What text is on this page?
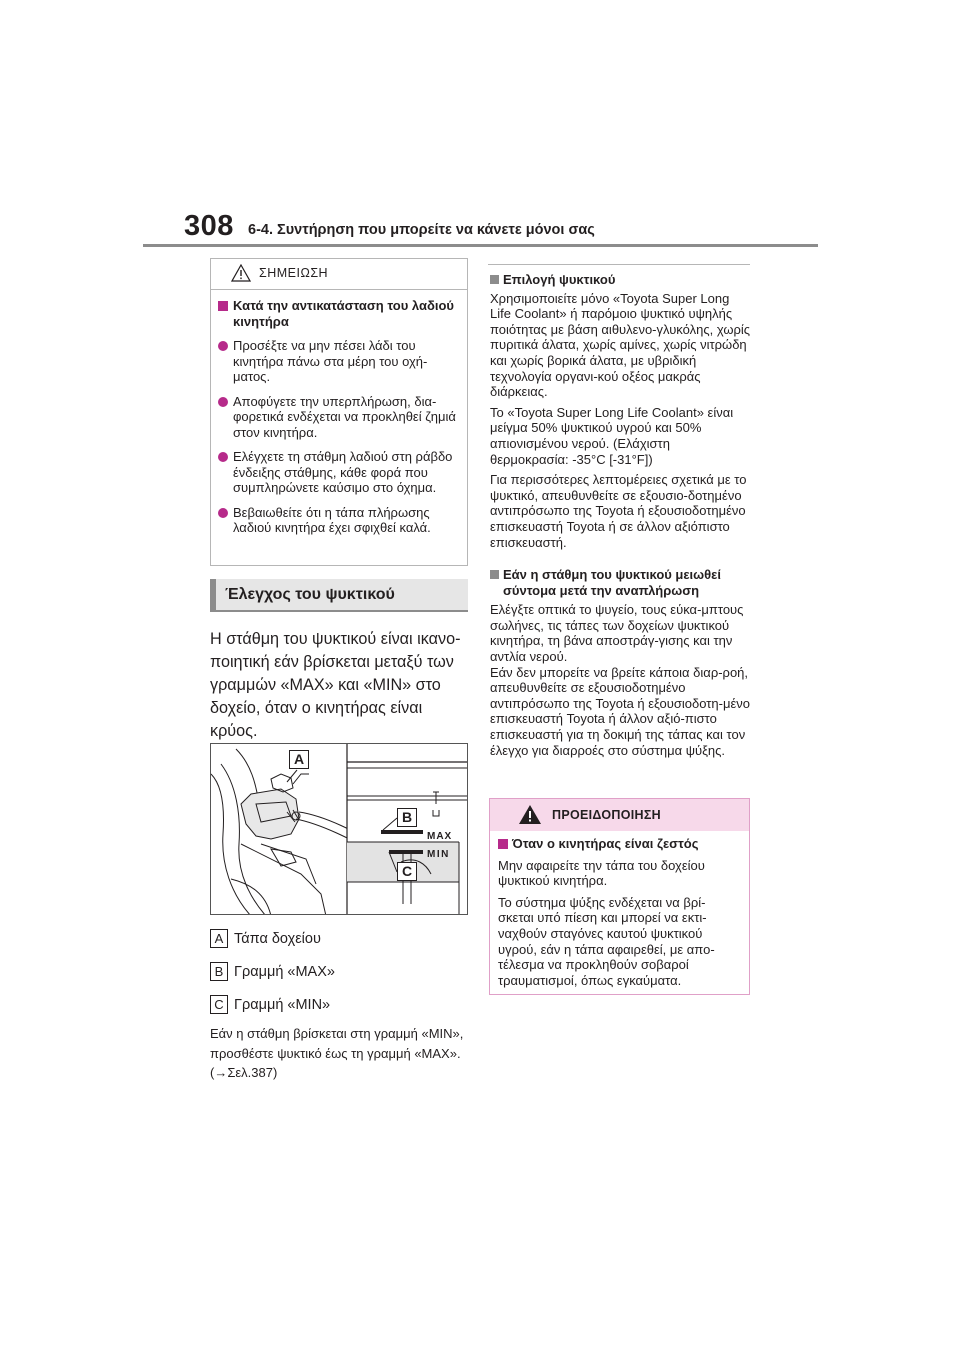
308 6-4. Συντήρηση που μπορείτε να κάνετε μόνοι σας
ΣΗΜΕΙΩΣΗ
Κατά την αντικατάσταση του λαδιού κινητήρα
Προσέξτε να μην πέσει λάδι του κινητήρα πάνω στα μέρη του οχή-ματος.
Αποφύγετε την υπερπλήρωση, δια-φορετικά ενδέχεται να προκληθεί ζημιά στον κινητήρα.
Ελέγχετε τη στάθμη λαδιού στη ράβδο ένδειξης στάθμης, κάθε φορά που συμπληρώνετε καύσιμο στο όχημα.
Βεβαιωθείτε ότι η τάπα πλήρωσης λαδιού κινητήρα έχει σφιχθεί καλά.
Έλεγχος του ψυκτικού
Η στάθμη του ψυκτικού είναι ικανο-ποιητική εάν βρίσκεται μεταξύ των γραμμών «MAX» και «MIN» στο δοχείο, όταν ο κινητήρας είναι κρύος.
MAX
MIN
A
B
C
A Τάπα δοχείου
B Γραμμή «MAX»
C Γραμμή «MIN»
Εάν η στάθμη βρίσκεται στη γραμμή «MIN», προσθέστε ψυκτικό έως τη γραμμή «MAX». (→Σελ.387)
Επιλογή ψυκτικού
Χρησιμοποιείτε μόνο «Toyota Super Long Life Coolant» ή παρόμοιο ψυκτικό υψηλής ποιότητας με βάση αιθυλενο-γλυκόλης, χωρίς πυριτικά άλατα, χωρίς αμίνες, χωρίς νιτρώδη και χωρίς βορικά άλατα, με υβριδική τεχνολογία οργανι-κού οξέος μακράς διάρκειας.
Το «Toyota Super Long Life Coolant» είναι μείγμα 50% ψυκτικού υγρού και 50% απιονισμένου νερού. (Ελάχιστη θερμοκρασία: -35°C [-31°F])
Για περισσότερες λεπτομέρειες σχετικά με το ψυκτικό, απευθυνθείτε σε εξουσιο-δοτημένο αντιπρόσωπο της Toyota ή εξουσιοδοτημένο επισκευαστή Toyota ή σε άλλον αξιόπιστο επισκευαστή.
Εάν η στάθμη του ψυκτικού μειωθεί σύντομα μετά την αναπλήρωση
Ελέγξτε οπτικά το ψυγείο, τους εύκα-μπτους σωλήνες, τις τάπες των δοχείων ψυκτικού κινητήρα, τη βάνα αποστράγ-γισης και την αντλία νερού.
Εάν δεν μπορείτε να βρείτε κάποια διαρ-ροή, απευθυνθείτε σε εξουσιοδοτημένο αντιπρόσωπο της Toyota ή εξουσιοδοτη-μένο επισκευαστή Toyota ή άλλον αξιό-πιστο επισκευαστή για τη δοκιμή της τάπας και τον έλεγχο για διαρροές στο σύστημα ψύξης.
ΠΡΟΕΙΔΟΠΟΙΗΣΗ
Όταν ο κινητήρας είναι ζεστός
Μην αφαιρείτε την τάπα του δοχείου ψυκτικού κινητήρα.
Το σύστημα ψύξης ενδέχεται να βρί-σκεται υπό πίεση και μπορεί να εκτι-ναχθούν σταγόνες καυτού ψυκτικού υγρού, εάν η τάπα αφαιρεθεί, με απο-τέλεσμα να προκληθούν σοβαροί τραυματισμοί, όπως εγκαύματα.
